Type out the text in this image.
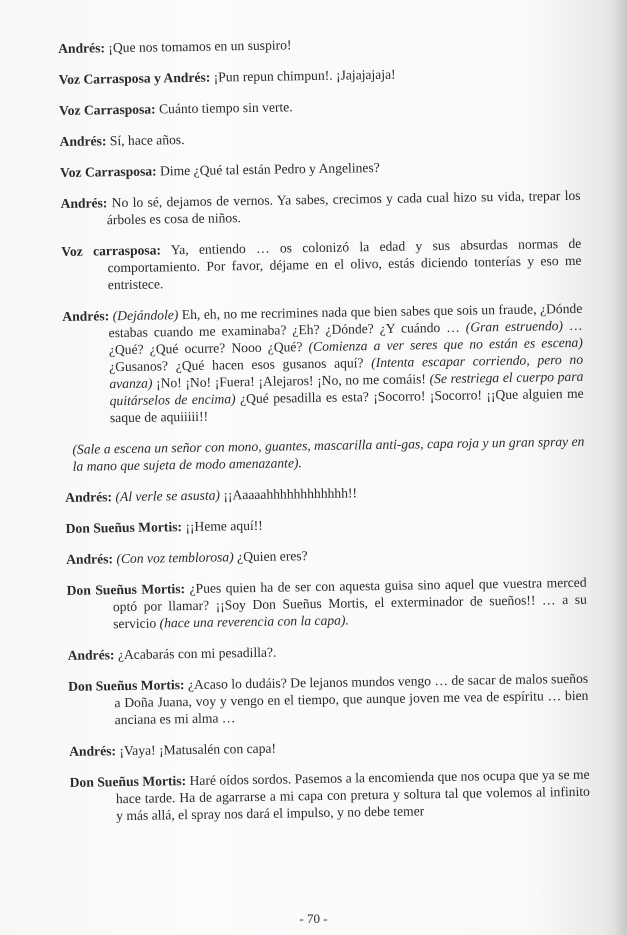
Andrés: ¡Que nos tomamos en un suspiro!

Voz Carrasposa y Andrés: ¡Pun repun chimpun!. ¡Jajajajaja!

Voz Carrasposa: Cuánto tiempo sin verte.

Andrés: Sí, hace años.

Voz Carrasposa: Dime ¿Qué tal están Pedro y Angelines?

Andrés: No lo sé, dejamos de vernos. Ya sabes, crecimos y cada cual hizo su vida, trepar los árboles es cosa de niños.

Voz carrasposa: Ya, entiendo … os colonizó la edad y sus absurdas normas de comportamiento. Por favor, déjame en el olivo, estás diciendo tonterías y eso me entristece.

Andrés: (Dejándole) Eh, eh, no me recrimines nada que bien sabes que sois un fraude, ¿Dónde estabas cuando me examinaba? ¿Eh? ¿Dónde? ¿Y cuándo … (Gran estruendo) … ¿Qué? ¿Qué ocurre? Nooo ¿Qué? (Comienza a ver seres que no están es escena) ¿Gusanos? ¿Qué hacen esos gusanos aquí? (Intenta escapar corriendo, pero no avanza) ¡No! ¡No! ¡Fuera! ¡Alejaros! ¡No, no me comáis! (Se restriega el cuerpo para quitárselos de encima) ¿Qué pesadilla es esta? ¡Socorro! ¡Socorro! ¡¡Que alguien me saque de aquiiiii!!

(Sale a escena un señor con mono, guantes, mascarilla anti-gas, capa roja y un gran spray en la mano que sujeta de modo amenazante).

Andrés: (Al verle se asusta) ¡¡Aaaaahhhhhhhhhhhh!!

Don Sueñus Mortis: ¡¡Heme aquí!!

Andrés: (Con voz temblorosa) ¿Quien eres?

Don Sueñus Mortis: ¿Pues quien ha de ser con aquesta guisa sino aquel que vuestra merced optó por llamar? ¡¡Soy Don Sueñus Mortis, el exterminador de sueños!! … a su servicio (hace una reverencia con la capa).

Andrés: ¿Acabarás con mi pesadilla?.

Don Sueñus Mortis: ¿Acaso lo dudáis? De lejanos mundos vengo … de sacar de malos sueños a Doña Juana, voy y vengo en el tiempo, que aunque joven me vea de espíritu … bien anciana es mi alma …

Andrés: ¡Vaya! ¡Matusalén con capa!

Don Sueñus Mortis: Haré oídos sordos. Pasemos a la encomienda que nos ocupa que ya se me hace tarde. Ha de agarrarse a mi capa con pretura y soltura tal que volemos al infinito y más allá, el spray nos dará el impulso, y no debe temer

- 70 -
